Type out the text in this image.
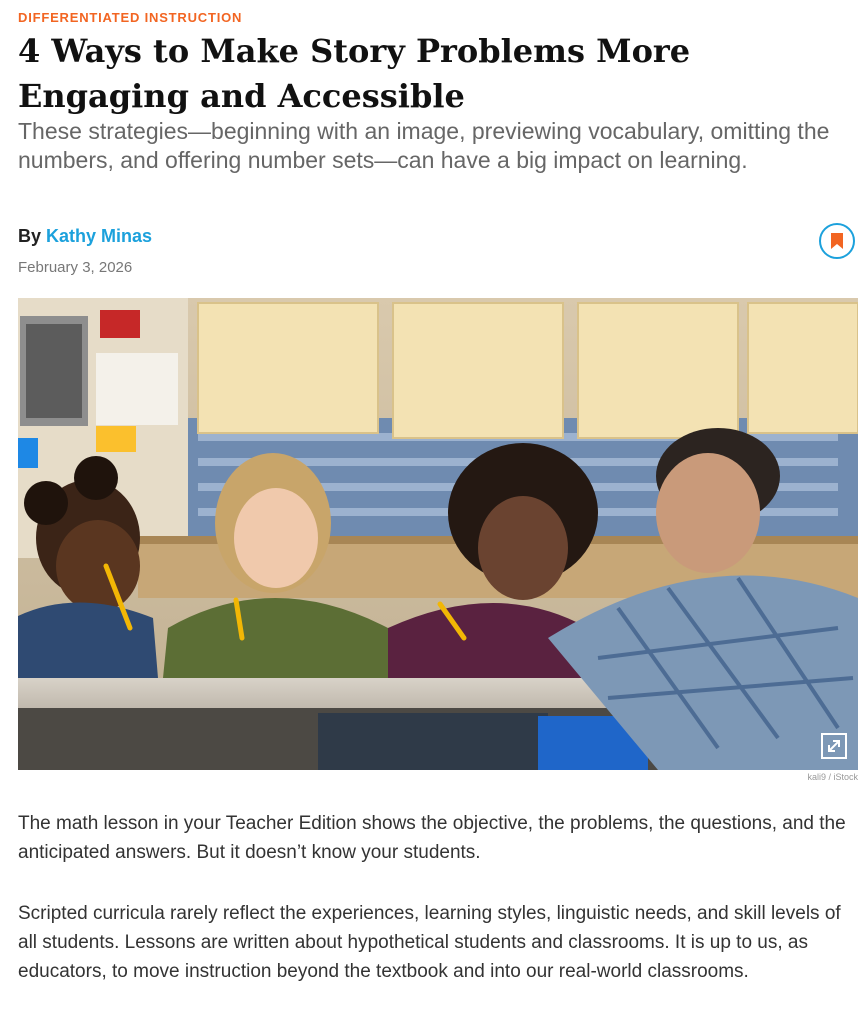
DIFFERENTIATED INSTRUCTION
4 Ways to Make Story Problems More Engaging and Accessible

These strategies—beginning with an image, previewing vocabulary, omitting the numbers, and offering number sets—can have a big impact on learning.

By Kathy Minas
February 3, 2026
kali9 / iStock

The math lesson in your Teacher Edition shows the objective, the problems, the questions, and the anticipated answers. But it doesn’t know your students.

Scripted curricula rarely reflect the experiences, learning styles, linguistic needs, and skill levels of all students. Lessons are written about hypothetical students and classrooms. It is up to us, as educators, to move instruction beyond the textbook and into our real-world classrooms.
